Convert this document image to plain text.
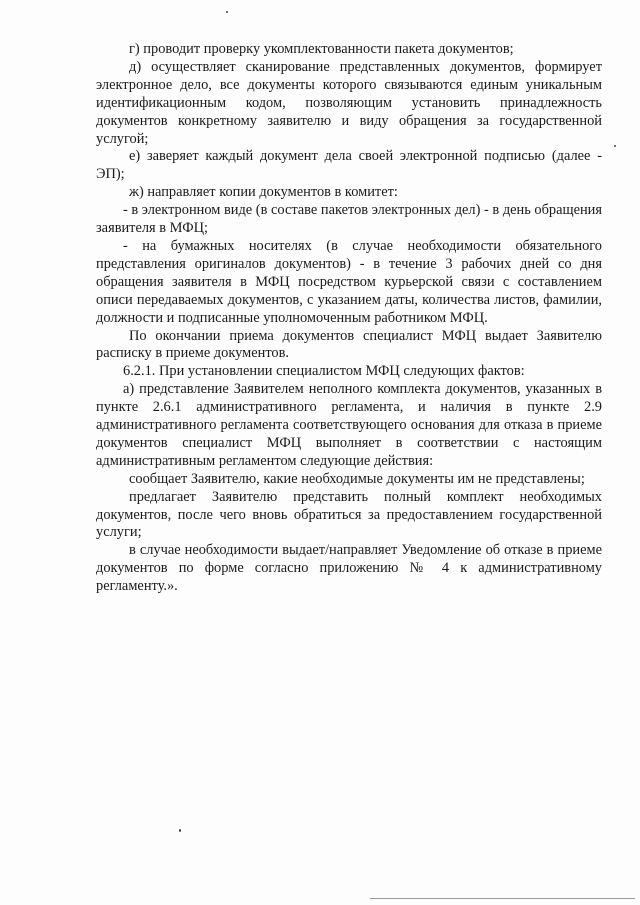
г) проводит проверку укомплектованности пакета документов;

д) осуществляет сканирование представленных документов, формирует электронное дело, все документы которого связываются единым уникальным идентификационным кодом, позволяющим установить принадлежность документов конкретному заявителю и виду обращения за государственной услугой;

е) заверяет каждый документ дела своей электронной подписью (далее - ЭП);

ж) направляет копии документов в комитет:

- в электронном виде (в составе пакетов электронных дел) - в день обращения заявителя в МФЦ;

- на бумажных носителях (в случае необходимости обязательного представления оригиналов документов) - в течение 3 рабочих дней со дня обращения заявителя в МФЦ посредством курьерской связи с составлением описи передаваемых документов, с указанием даты, количества листов, фамилии, должности и подписанные уполномоченным работником МФЦ.

По окончании приема документов специалист МФЦ выдает Заявителю расписку в приеме документов.

6.2.1. При установлении специалистом МФЦ следующих фактов:

а) представление Заявителем неполного комплекта документов, указанных в пункте 2.6.1 административного регламента, и наличия в пункте 2.9 административного регламента соответствующего основания для отказа в приеме документов специалист МФЦ выполняет в соответствии с настоящим административным регламентом следующие действия:

сообщает Заявителю, какие необходимые документы им не представлены;

предлагает Заявителю представить полный комплект необходимых документов, после чего вновь обратиться за предоставлением государственной услуги;

в случае необходимости выдает/направляет Уведомление об отказе в приеме документов по форме согласно приложению № 4 к административному регламенту.».
